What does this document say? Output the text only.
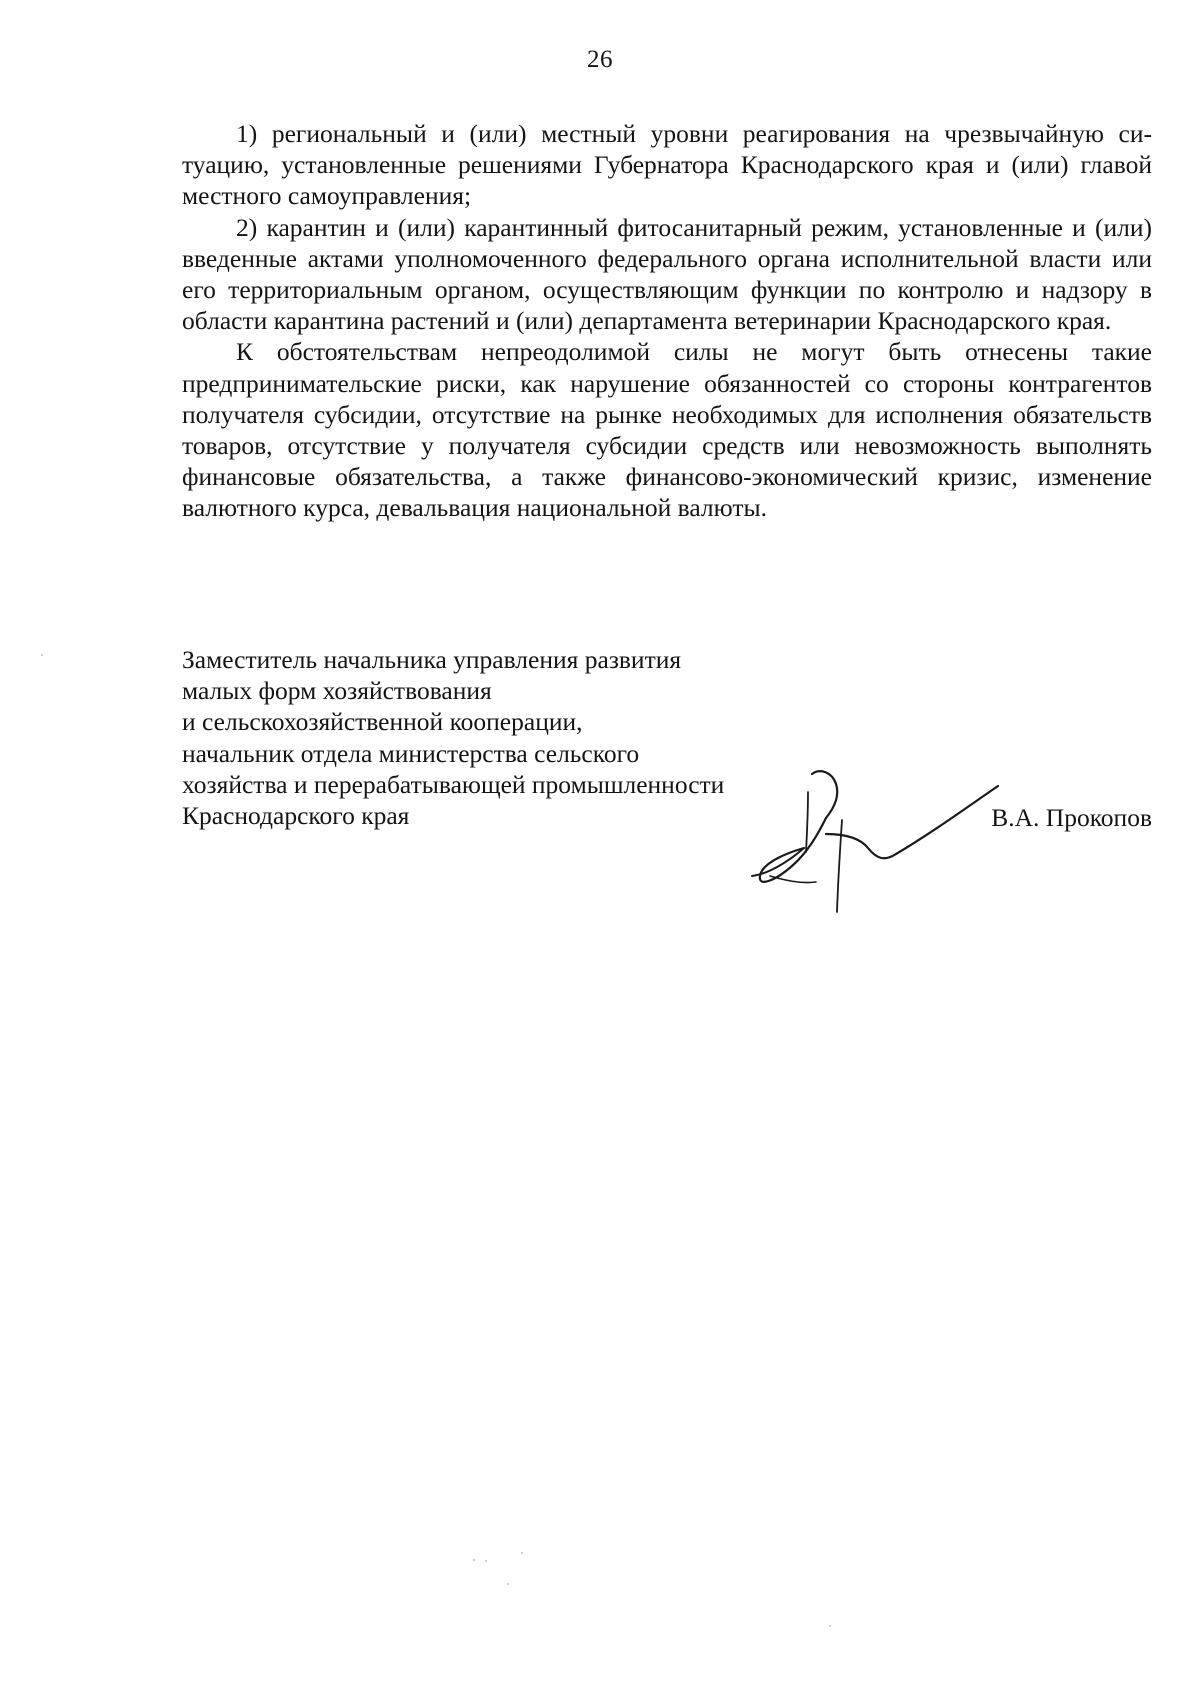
26

1) региональный и (или) местный уровни реагирования на чрезвычайную ситуацию, установленные решениями Губернатора Краснодарского края и (или) главой местного самоуправления;

2) карантин и (или) карантинный фитосанитарный режим, установленные и (или) введенные актами уполномоченного федерального органа исполнительной власти или его территориальным органом, осуществляющим функции по контролю и надзору в области карантина растений и (или) департамента ветеринарии Краснодарского края.

К обстоятельствам непреодолимой силы не могут быть отнесены такие предпринимательские риски, как нарушение обязанностей со стороны контрагентов получателя субсидии, отсутствие на рынке необходимых для исполнения обязательств товаров, отсутствие у получателя субсидии средств или невозможность выполнять финансовые обязательства, а также финансово-экономический кризис, изменение валютного курса, девальвация национальной валюты.

Заместитель начальника управления развития
малых форм хозяйствования
и сельскохозяйственной кооперации,
начальник отдела министерства сельского
хозяйства и перерабатывающей промышленности
Краснодарского края	В.А. Прокопов
